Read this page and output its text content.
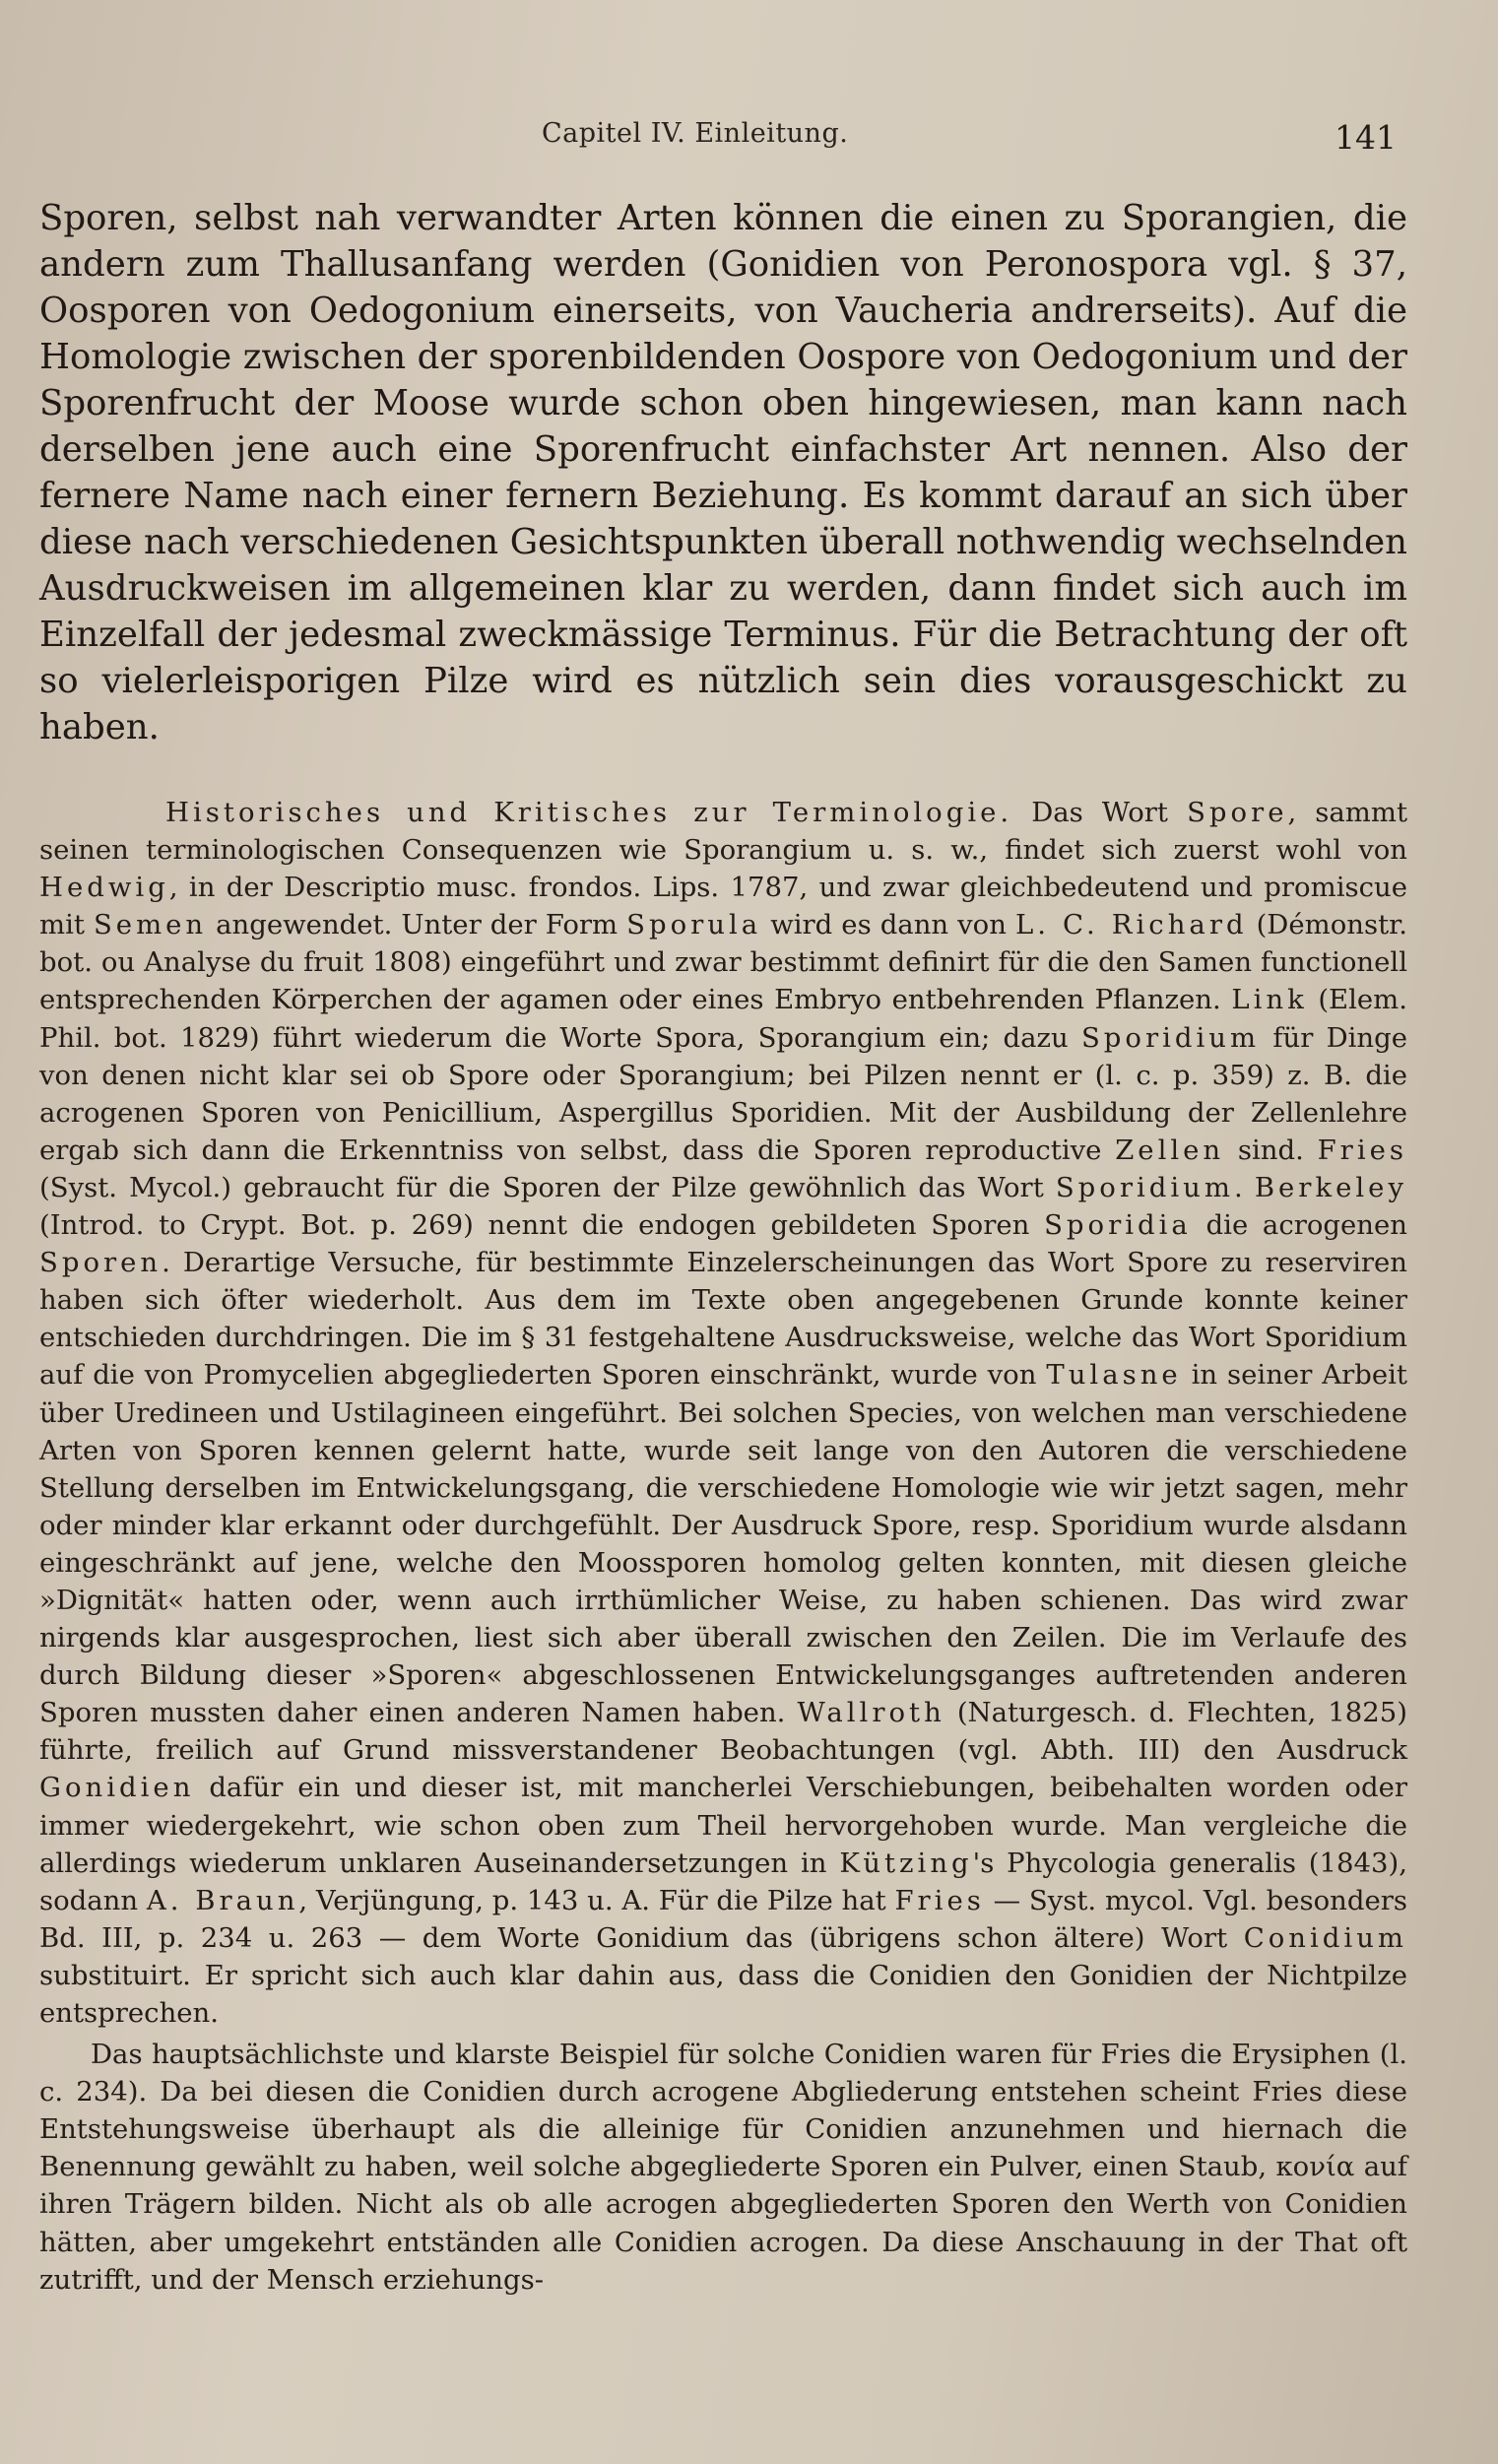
Capitel IV. Einleitung.	141

Sporen, selbst nah verwandter Arten können die einen zu Sporangien, die andern zum Thallusanfang werden (Gonidien von Peronospora vgl. § 37, Oosporen von Oedogonium einerseits, von Vaucheria andrerseits). Auf die Homologie zwischen der sporenbildenden Oospore von Oedogonium und der Sporenfrucht der Moose wurde schon oben hingewiesen, man kann nach derselben jene auch eine Sporenfrucht einfachster Art nennen. Also der fernere Name nach einer fernern Beziehung. Es kommt darauf an sich über diese nach verschiedenen Gesichtspunkten überall nothwendig wechselnden Ausdruckweisen im allgemeinen klar zu werden, dann findet sich auch im Einzelfall der jedesmal zweckmässige Terminus. Für die Betrachtung der oft so vielerleisporigen Pilze wird es nützlich sein dies vorausgeschickt zu haben.

Historisches und Kritisches zur Terminologie. Das Wort Spore, sammt seinen terminologischen Consequenzen wie Sporangium u. s. w., findet sich zuerst wohl von Hedwig, in der Descriptio musc. frondos. Lips. 1787, und zwar gleichbedeutend und promiscue mit Semen angewendet. Unter der Form Sporula wird es dann von L. C. Richard (Démonstr. bot. ou Analyse du fruit 1808) eingeführt und zwar bestimmt definirt für die den Samen functionell entsprechenden Körperchen der agamen oder eines Embryo entbehrenden Pflanzen. Link (Elem. Phil. bot. 1829) führt wiederum die Worte Spora, Sporangium ein; dazu Sporidium für Dinge von denen nicht klar sei ob Spore oder Sporangium; bei Pilzen nennt er (l. c. p. 359) z. B. die acrogenen Sporen von Penicillium, Aspergillus Sporidien. Mit der Ausbildung der Zellenlehre ergab sich dann die Erkenntniss von selbst, dass die Sporen reproductive Zellen sind. Fries (Syst. Mycol.) gebraucht für die Sporen der Pilze gewöhnlich das Wort Sporidium. Berkeley (Introd. to Crypt. Bot. p. 269) nennt die endogen gebildeten Sporen Sporidia die acrogenen Sporen. Derartige Versuche, für bestimmte Einzelerscheinungen das Wort Spore zu reserviren haben sich öfter wiederholt. Aus dem im Texte oben angegebenen Grunde konnte keiner entschieden durchdringen. Die im § 31 festgehaltene Ausdrucksweise, welche das Wort Sporidium auf die von Promycelien abgegliederten Sporen einschränkt, wurde von Tulasne in seiner Arbeit über Uredineen und Ustilagineen eingeführt. Bei solchen Species, von welchen man verschiedene Arten von Sporen kennen gelernt hatte, wurde seit lange von den Autoren die verschiedene Stellung derselben im Entwickelungsgang, die verschiedene Homologie wie wir jetzt sagen, mehr oder minder klar erkannt oder durchgefühlt. Der Ausdruck Spore, resp. Sporidium wurde alsdann eingeschränkt auf jene, welche den Moossporen homolog gelten konnten, mit diesen gleiche »Dignität« hatten oder, wenn auch irrthümlicher Weise, zu haben schienen. Das wird zwar nirgends klar ausgesprochen, liest sich aber überall zwischen den Zeilen. Die im Verlaufe des durch Bildung dieser »Sporen« abgeschlossenen Entwickelungsganges auftretenden anderen Sporen mussten daher einen anderen Namen haben. Wallroth (Naturgesch. d. Flechten, 1825) führte, freilich auf Grund missverstandener Beobachtungen (vgl. Abth. III) den Ausdruck Gonidien dafür ein und dieser ist, mit mancherlei Verschiebungen, beibehalten worden oder immer wiedergekehrt, wie schon oben zum Theil hervorgehoben wurde. Man vergleiche die allerdings wiederum unklaren Auseinandersetzungen in Kützing's Phycologia generalis (1843), sodann A. Braun, Verjüngung, p. 143 u. A. Für die Pilze hat Fries — Syst. mycol. Vgl. besonders Bd. III, p. 234 u. 263 — dem Worte Gonidium das (übrigens schon ältere) Wort Conidium substituirt. Er spricht sich auch klar dahin aus, dass die Conidien den Gonidien der Nichtpilze entsprechen.

Das hauptsächlichste und klarste Beispiel für solche Conidien waren für Fries die Erysiphen (l. c. 234). Da bei diesen die Conidien durch acrogene Abgliederung entstehen scheint Fries diese Entstehungsweise überhaupt als die alleinige für Conidien anzunehmen und hiernach die Benennung gewählt zu haben, weil solche abgegliederte Sporen ein Pulver, einen Staub, κονία auf ihren Trägern bilden. Nicht als ob alle acrogen abgegliederten Sporen den Werth von Conidien hätten, aber umgekehrt entständen alle Conidien acrogen. Da diese Anschauung in der That oft zutrifft, und der Mensch erziehungs-
